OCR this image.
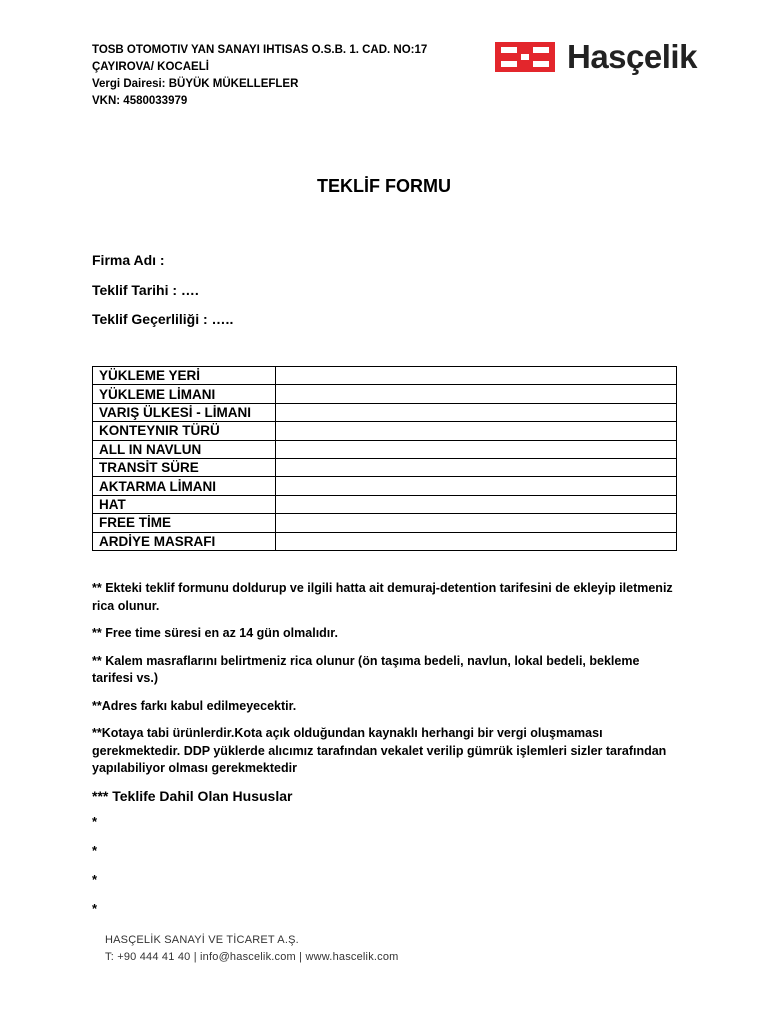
TOSB OTOMOTIV YAN SANAYI IHTISAS O.S.B. 1. CAD. NO:17
ÇAYIROVA/ KOCAELİ
Vergi Dairesi: BÜYÜK MÜKELLEFLER
VKN: 4580033979
Hasçelik
TEKLİF FORMU
Firma Adı :
Teklif Tarihi : ….
Teklif Geçerliliği : …..
YÜKLEME YERİ	
YÜKLEME LİMANI	
VARIŞ ÜLKESİ - LİMANI	
KONTEYNIR TÜRÜ	
ALL IN NAVLUN	
TRANSİT SÜRE	
AKTARMA LİMANI	
HAT	
FREE TİME	
ARDİYE MASRAFI	

** Ekteki teklif formunu doldurup ve ilgili hatta ait demuraj-detention tarifesini de ekleyip iletmeniz rica olunur.

** Free time süresi en az 14 gün olmalıdır.

** Kalem masraflarını belirtmeniz rica olunur (ön taşıma bedeli, navlun, lokal bedeli, bekleme tarifesi vs.)

**Adres farkı kabul edilmeyecektir.

**Kotaya tabi ürünlerdir.Kota açık olduğundan kaynaklı herhangi bir vergi oluşmaması gerekmektedir. DDP yüklerde alıcımız tarafından vekalet verilip gümrük işlemleri sizler tarafından yapılabiliyor olması gerekmektedir

*** Teklife Dahil Olan Hususlar

*
*
*
*
HASÇELİK SANAYİ VE TİCARET A.Ş.
T: +90 444 41 40 | info@hascelik.com | www.hascelik.com
